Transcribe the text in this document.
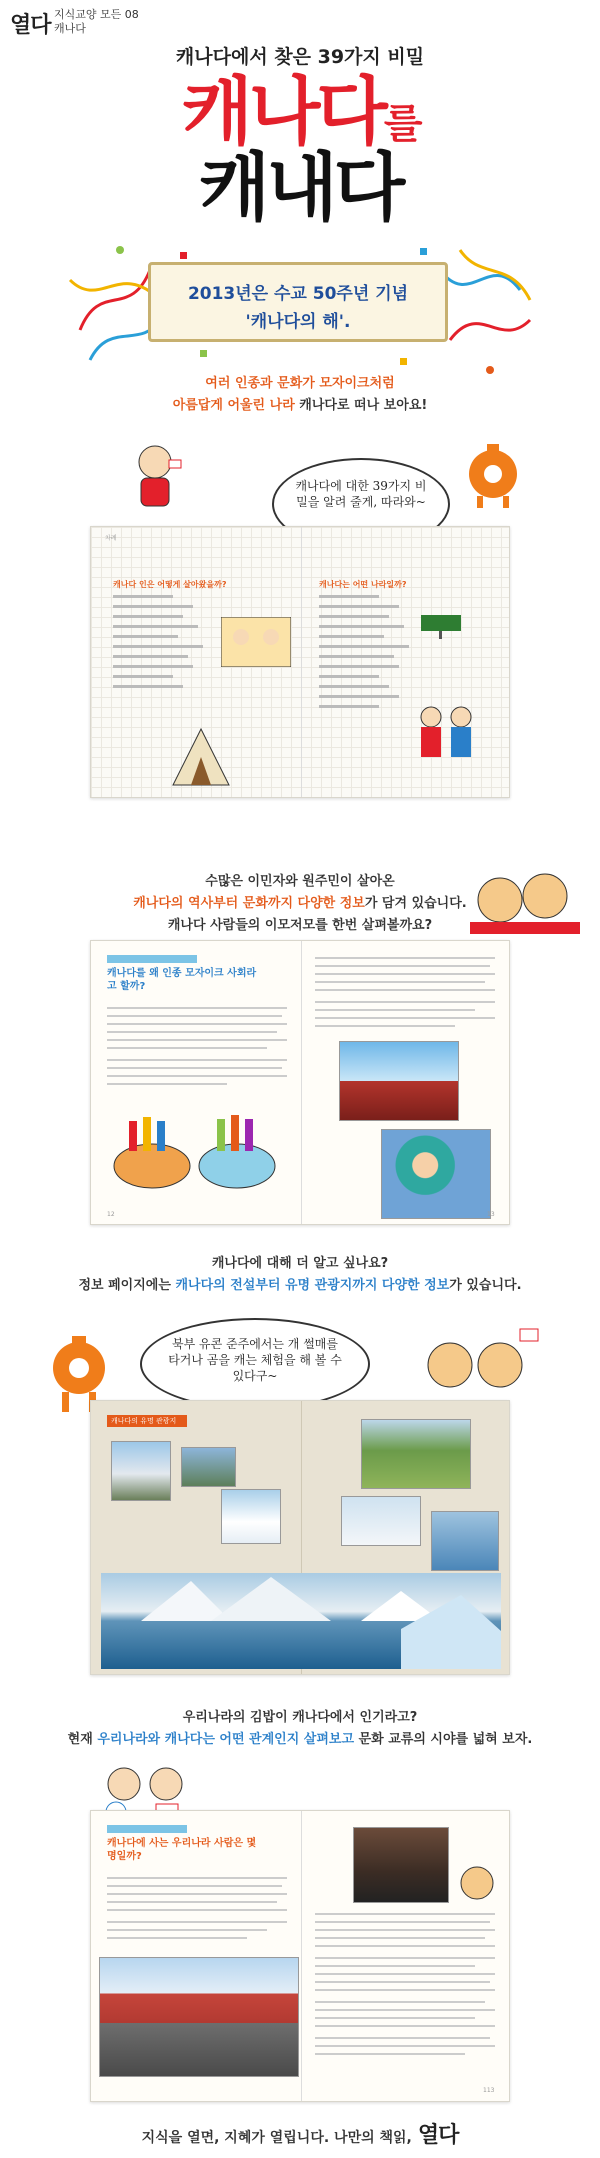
열다 지식교양 모든 08
캐나다
캐나다에서 찾은 39가지 비밀
캐나다를
캐내다
2013년은 수교 50주년 기념
'캐나다의 해'.
여러 인종과 문화가 모자이크처럼
아름답게 어울린 나라 캐나다로 떠나 보아요!
캐나다에 대한 39가지 비밀을 알려 줄게, 따라와~
차례
캐나다 인은 어떻게 살아왔을까?	캐나다는 어떤 나라일까?
수많은 이민자와 원주민이 살아온
캐나다의 역사부터 문화까지 다양한 정보가 담겨 있습니다.
캐나다 사람들의 이모저모를 한번 살펴볼까요?
캐나다를 왜 인종 모자이크 사회라고 할까?
12	13
캐나다에 대해 더 알고 싶나요?
정보 페이지에는 캐나다의 전설부터 유명 관광지까지 다양한 정보가 있습니다.
북부 유콘 준주에서는 개 썰매를 타거나 곰을 캐는 체험을 해 볼 수 있다구~
캐나다의 유명 관광지
우리나라의 김밥이 캐나다에서 인기라고?
현재 우리나라와 캐나다는 어떤 관계인지 살펴보고 문화 교류의 시야를 넓혀 보자.
캐나다에 사는 우리나라 사람은 몇 명일까?
113
지식을 열면, 지혜가 열립니다. 나만의 책읽, 열다
